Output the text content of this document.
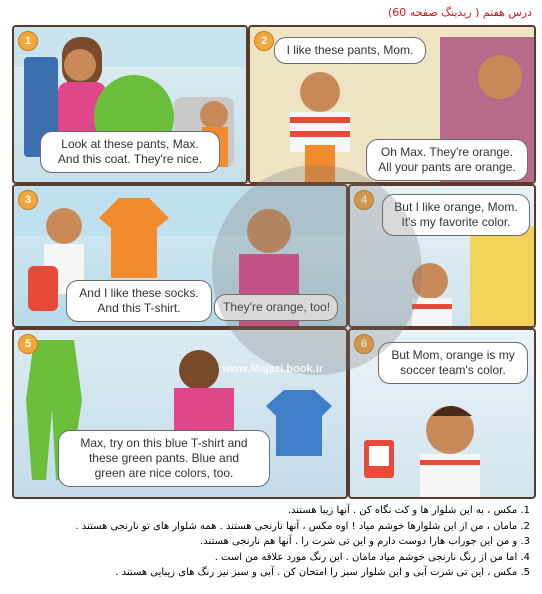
درس هفتم ( ریدینگ صفحه 60)
1
Look at these pants, Max.
And this coat. They're nice.
2
I like these pants, Mom.
Oh Max. They're orange.
All your pants are orange.
3
And I like these socks.
And this T-shirt.	They're orange, too!
4	But I like orange, Mom.
It's my favorite color.
5
Max, try on this blue T-shirt and
these green pants. Blue and
green are nice colors, too.
6
But Mom, orange is my
soccer team's color.
www.Majazi.book.ir
1. مکس ، به این شلوار ها و کت نگاه کن . آنها زیبا هستند.
2. مامان ، من از این شلوارها خوشم میاد ! اوه مکس ، آنها نارنجی هستند . همه شلوار های تو نارنجی هستند .
3. و من این جوراب هارا دوست دارم و این تی شرت را . آنها هم نارنجی هستند.
4. اما من از رنگ نارنجی خوشم میاد مامان . این رنگ مورد علاقه من است .
5. مکس ، این تی شرت آبی و این شلوار سبز را امتحان کن . آبی و سبز نیز رنگ های زیبایی هستند .
